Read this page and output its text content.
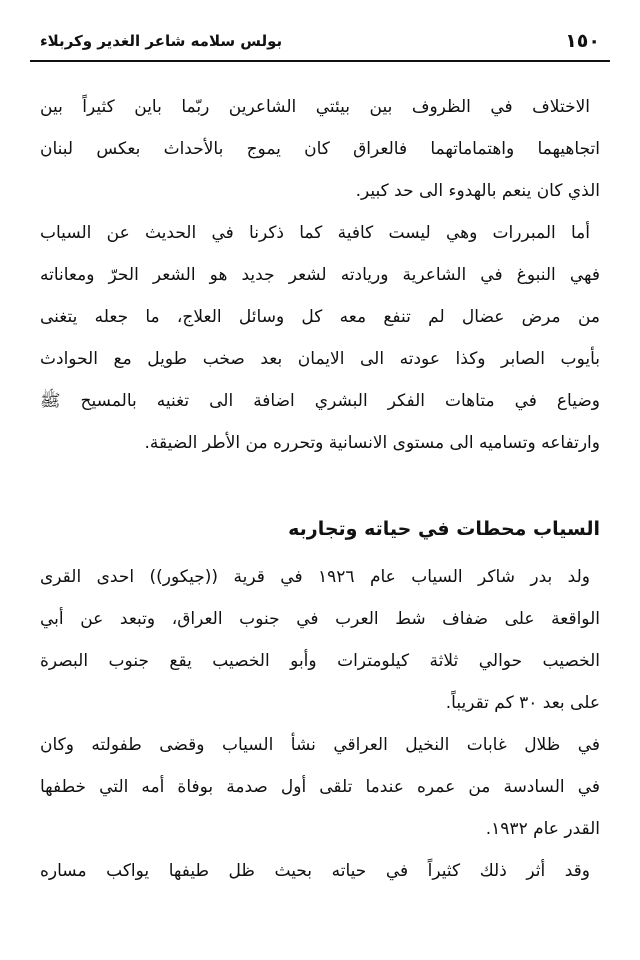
١٥٠
بولس سلامه شاعر الغدير وكربلاء
الاختلاف في الظروف بين بيئتي الشاعرين ربّما باين كثيراً بين
اتجاهيهما واهتماماتهما فالعراق كان يموج بالأحداث بعكس لبنان
الذي كان ينعم بالهدوء الى حد كبير.
أما المبررات وهي ليست كافية كما ذكرنا في الحديث عن السياب
فهي النبوغ في الشاعرية وريادته لشعر جديد هو الشعر الحرّ ومعاناته
من مرض عضال لم تنفع معه كل وسائل العلاج، ما جعله يتغنى
بأيوب الصابر وكذا عودته الى الايمان بعد صخب طويل مع الحوادث
وضياع في متاهات الفكر البشري اضافة الى تغنيه بالمسيح ﷺ
وارتفاعه وتساميه الى مستوى الانسانية وتحرره من الأطر الضيقة.
السياب محطات في حياته وتجاربه
ولد بدر شاكر السياب عام ١٩٢٦ في قرية ((جيكور)) احدى القرى
الواقعة على ضفاف شط العرب في جنوب العراق، وتبعد عن أبي
الخصيب حوالي ثلاثة كيلومترات وأبو الخصيب يقع جنوب البصرة
على بعد ٣٠ كم تقريباً.
في ظلال غابات النخيل العراقي نشأ السياب وقضى طفولته وكان
في السادسة من عمره عندما تلقى أول صدمة بوفاة أمه التي خطفها
القدر عام ١٩٣٢.
وقد أثر ذلك كثيراً في حياته بحيث ظل طيفها يواكب مساره
